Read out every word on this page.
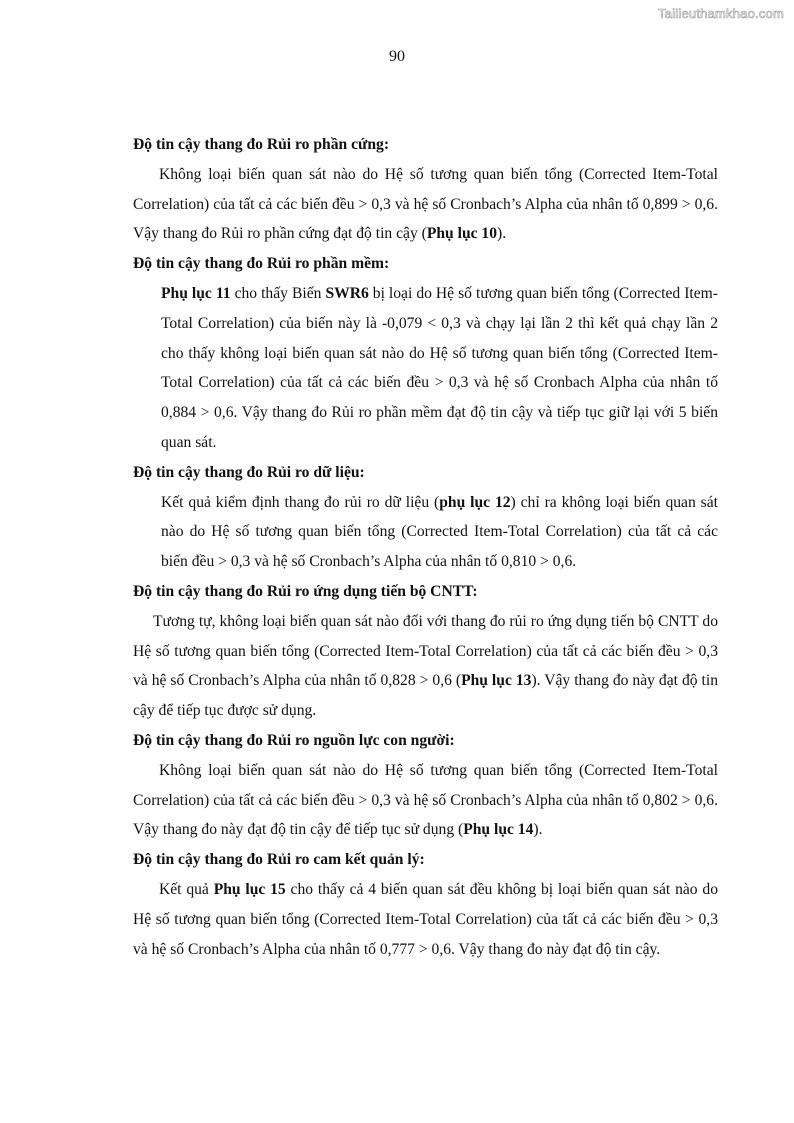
Tailieuthamkhao.com
90

Độ tin cậy thang đo Rủi ro phần cứng:

Không loại biến quan sát nào do Hệ số tương quan biến tổng (Corrected Item-Total Correlation) của tất cả các biến đều > 0,3 và hệ số Cronbach’s Alpha của nhân tố 0,899 > 0,6. Vậy thang đo Rủi ro phần cứng đạt độ tin cậy (Phụ lục 10).

Độ tin cậy thang đo Rủi ro phần mềm:

Phụ lục 11 cho thấy Biến SWR6 bị loại do Hệ số tương quan biến tổng (Corrected Item-Total Correlation) của biến này là -0,079 < 0,3 và chạy lại lần 2 thì kết quả chạy lần 2 cho thấy không loại biến quan sát nào do Hệ số tương quan biến tổng (Corrected Item-Total Correlation) của tất cả các biến đều > 0,3 và hệ số Cronbach Alpha của nhân tố 0,884 > 0,6. Vậy thang đo Rủi ro phần mềm đạt độ tin cậy và tiếp tục giữ lại với 5 biến quan sát.

Độ tin cậy thang đo Rủi ro dữ liệu:

Kết quả kiểm định thang đo rủi ro dữ liệu (phụ lục 12) chỉ ra không loại biến quan sát nào do Hệ số tương quan biến tổng (Corrected Item-Total Correlation) của tất cả các biến đều > 0,3 và hệ số Cronbach’s Alpha của nhân tố 0,810 > 0,6.

Độ tin cậy thang đo Rủi ro ứng dụng tiến bộ CNTT:

Tương tự, không loại biến quan sát nào đối với thang đo rủi ro ứng dụng tiến bộ CNTT do Hệ số tương quan biến tổng (Corrected Item-Total Correlation) của tất cả các biến đều > 0,3 và hệ số Cronbach’s Alpha của nhân tố 0,828 > 0,6 (Phụ lục 13). Vậy thang đo này đạt độ tin cậy để tiếp tục được sử dụng.

Độ tin cậy thang đo Rủi ro nguồn lực con người:

Không loại biến quan sát nào do Hệ số tương quan biến tổng (Corrected Item-Total Correlation) của tất cả các biến đều > 0,3 và hệ số Cronbach’s Alpha của nhân tố 0,802 > 0,6. Vậy thang đo này đạt độ tin cậy để tiếp tục sử dụng (Phụ lục 14).

Độ tin cậy thang đo Rủi ro cam kết quản lý:

Kết quả Phụ lục 15 cho thấy cả 4 biến quan sát đều không bị loại biến quan sát nào do Hệ số tương quan biến tổng (Corrected Item-Total Correlation) của tất cả các biến đều > 0,3 và hệ số Cronbach’s Alpha của nhân tố 0,777 > 0,6. Vậy thang đo này đạt độ tin cậy.
